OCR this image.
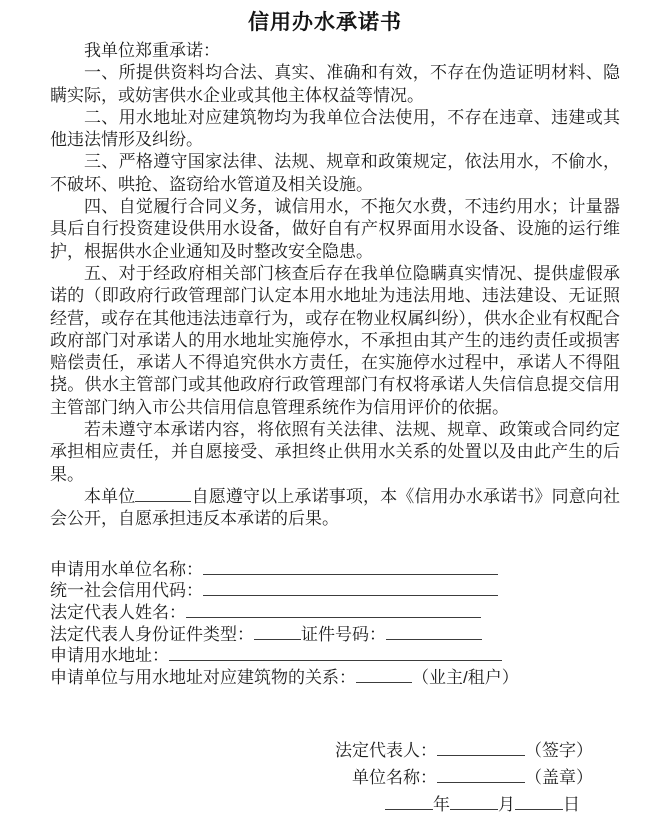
信用办水承诺书

我单位郑重承诺：

一、所提供资料均合法、真实、准确和有效，不存在伪造证明材料、隐瞒实际，或妨害供水企业或其他主体权益等情况。

二、用水地址对应建筑物均为我单位合法使用，不存在违章、违建或其他违法情形及纠纷。

三、严格遵守国家法律、法规、规章和政策规定，依法用水，不偷水，不破坏、哄抢、盗窃给水管道及相关设施。

四、自觉履行合同义务，诚信用水，不拖欠水费，不违约用水；计量器具后自行投资建设供用水设备，做好自有产权界面用水设备、设施的运行维护，根据供水企业通知及时整改安全隐患。

五、对于经政府相关部门核查后存在我单位隐瞒真实情况、提供虚假承诺的（即政府行政管理部门认定本用水地址为违法用地、违法建设、无证照经营，或存在其他违法违章行为，或存在物业权属纠纷），供水企业有权配合政府部门对承诺人的用水地址实施停水，不承担由其产生的违约责任或损害赔偿责任，承诺人不得追究供水方责任，在实施停水过程中，承诺人不得阻挠。供水主管部门或其他政府行政管理部门有权将承诺人失信信息提交信用主管部门纳入市公共信用信息管理系统作为信用评价的依据。

若未遵守本承诺内容，将依照有关法律、法规、规章、政策或合同约定承担相应责任，并自愿接受、承担终止供用水关系的处置以及由此产生的后果。

本单位	自愿遵守以上承诺事项，本《信用办水承诺书》同意向社会公开，自愿承担违反本承诺的后果。

申请用水单位名称：
统一社会信用代码：
法定代表人姓名：
法定代表人身份证件类型：	证件号码：
申请用水地址：
申请单位与用水地址对应建筑物的关系：	（业主/租户）
法定代表人：	（签字）
单位名称：	（盖章）
年	月	日
